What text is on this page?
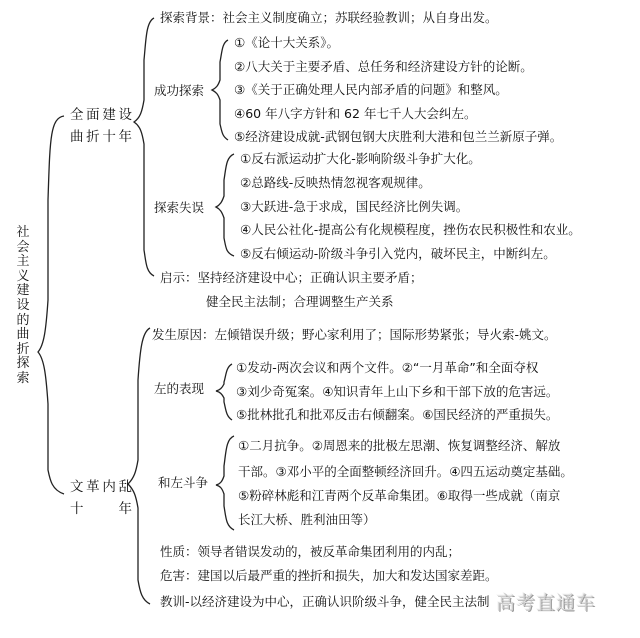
社会主义建设的曲折探索
全面建设曲折十年
探索背景：社会主义制度确立；苏联经验教训；从自身出发。
成功探索
①《论十大关系》。
②八大关于主要矛盾、总任务和经济建设方针的论断。
③《关于正确处理人民内部矛盾的问题》和整风。
④60 年八字方针和 62 年七千人大会纠左。
⑤经济建设成就-武钢包钢大庆胜利大港和包兰兰新原子弹。
探索失误
①反右派运动扩大化-影响阶级斗争扩大化。
②总路线-反映热情忽视客观规律。
③大跃进-急于求成，国民经济比例失调。
④人民公社化-提高公有化规模程度，挫伤农民积极性和农业。
⑤反右倾运动-阶级斗争引入党内，破坏民主，中断纠左。
启示：坚持经济建设中心；正确认识主要矛盾；
健全民主法制；合理调整生产关系
文革内乱十年
发生原因：左倾错误升级；野心家利用了；国际形势紧张；导火索-姚文。
左的表现
①发动-两次会议和两个文件。②“一月革命”和全面夺权
③刘少奇冤案。④知识青年上山下乡和干部下放的危害远。
⑤批林批孔和批邓反击右倾翻案。⑥国民经济的严重损失。
和左斗争
①二月抗争。②周恩来的批极左思潮、恢复调整经济、解放
干部。③邓小平的全面整顿经济回升。④四五运动奠定基础。
⑤粉碎林彪和江青两个反革命集团。⑥取得一些成就（南京
长江大桥、胜利油田等）
性质：领导者错误发动的，被反革命集团利用的内乱；
危害：建国以后最严重的挫折和损失，加大和发达国家差距。
教训-以经济建设为中心，正确认识阶级斗争，健全民主法制 高考直通车
